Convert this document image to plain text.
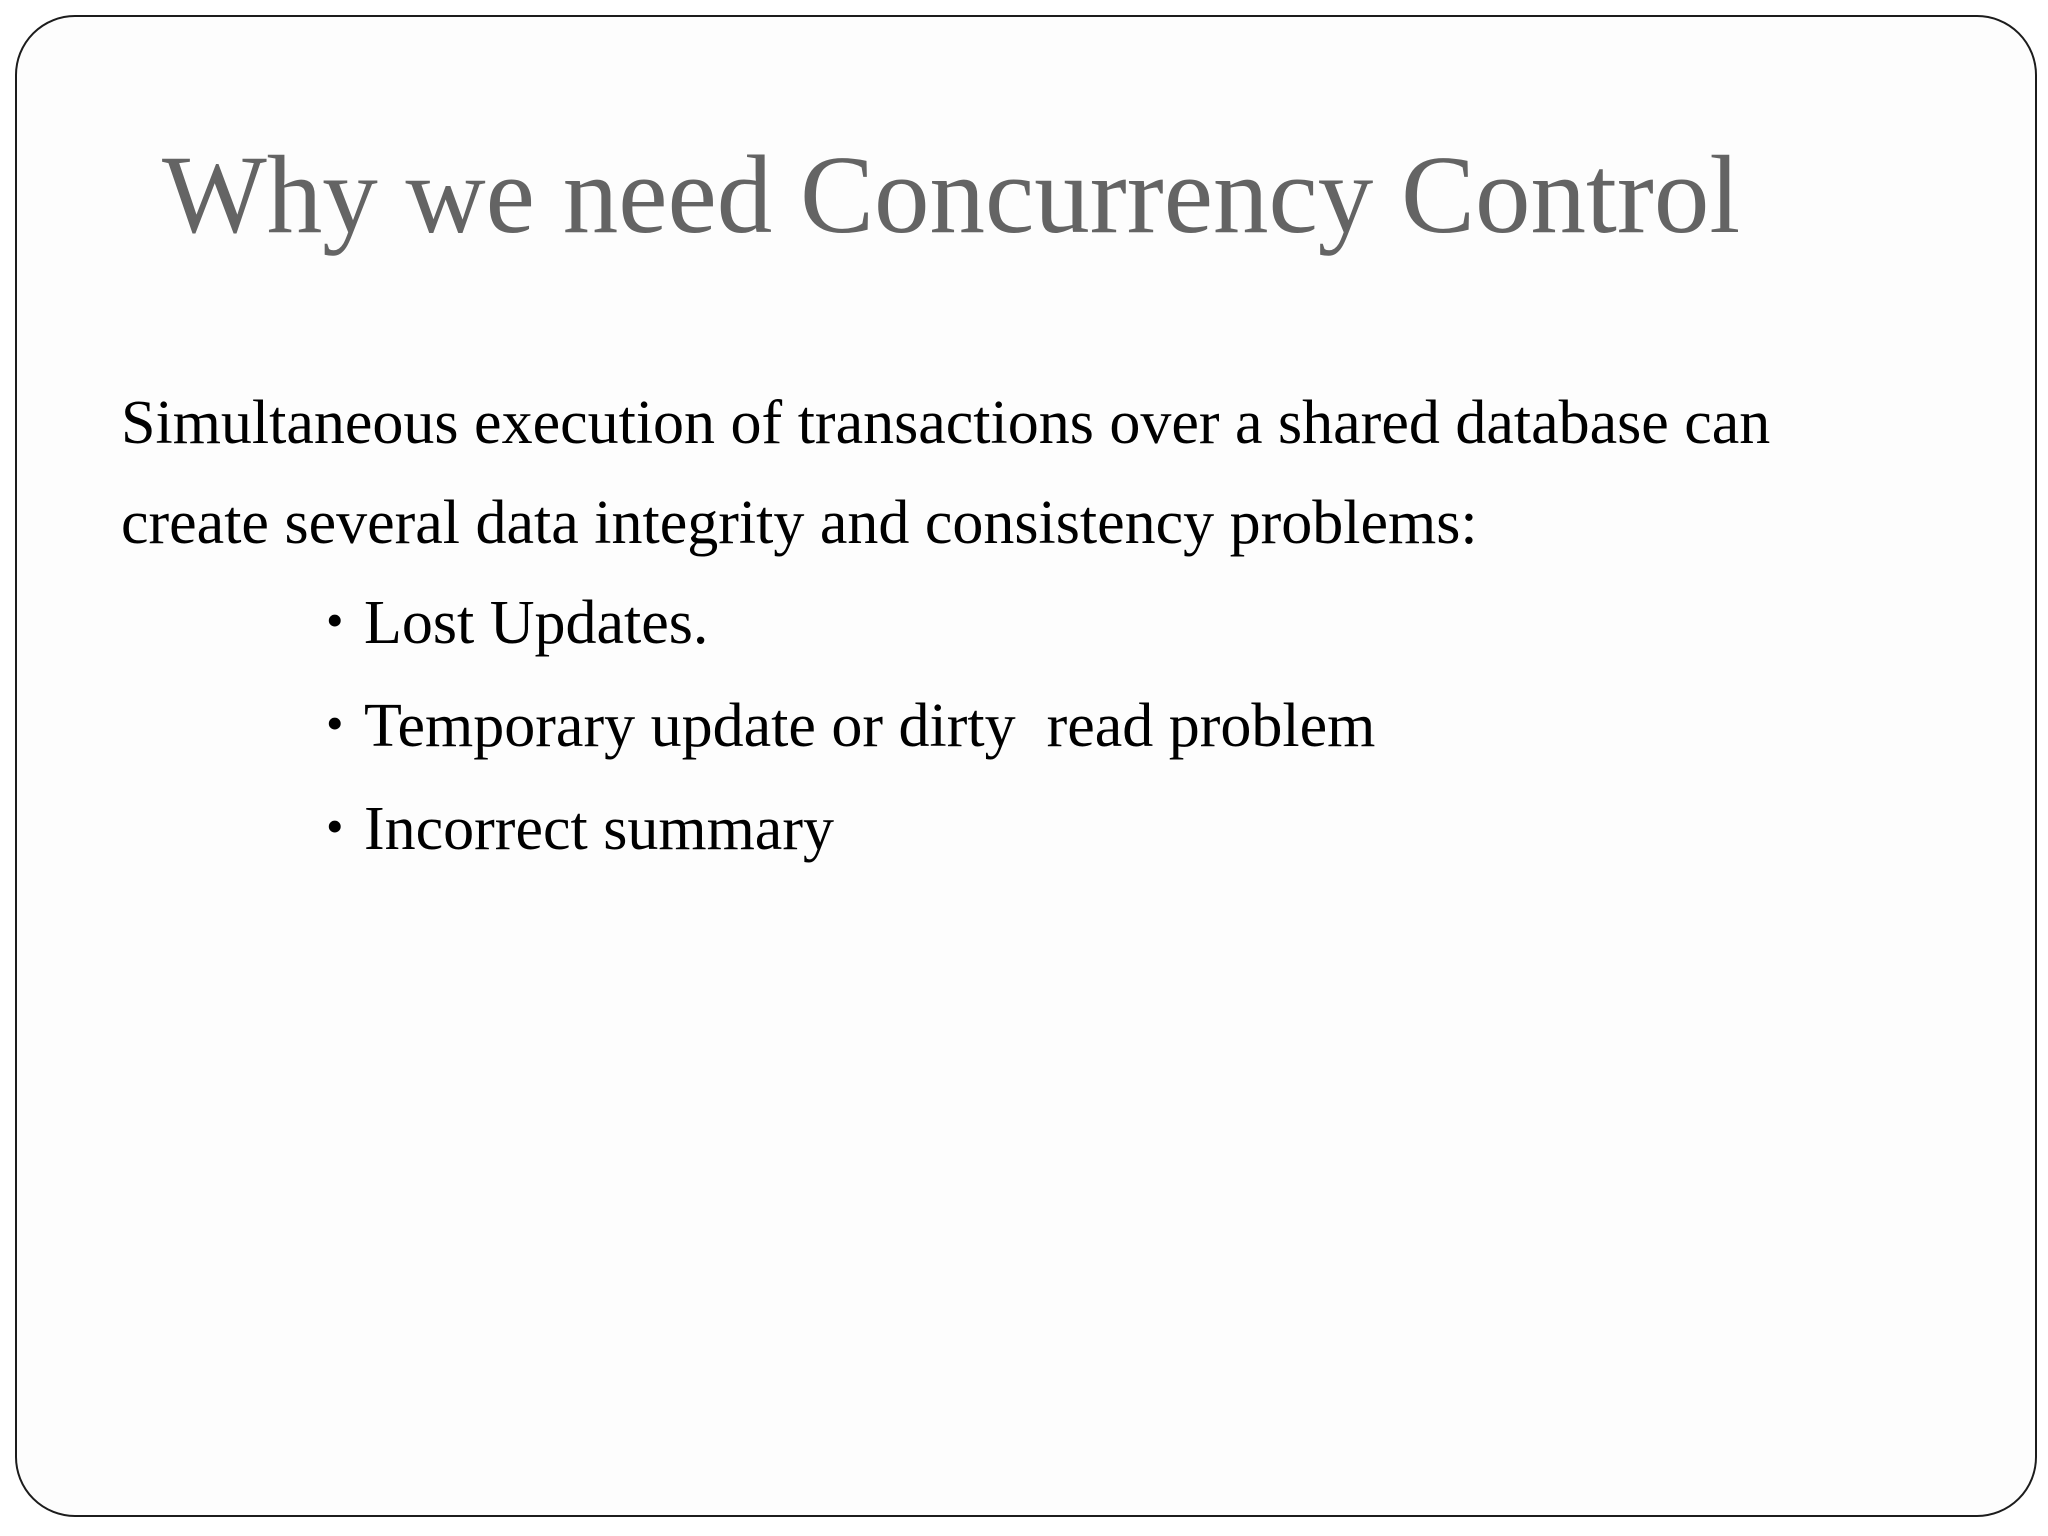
Why we need Concurrency Control

Simultaneous execution of transactions over a shared database can
create several data integrity and consistency problems:

• Lost Updates.
• Temporary update or dirty  read problem
• Incorrect summary
